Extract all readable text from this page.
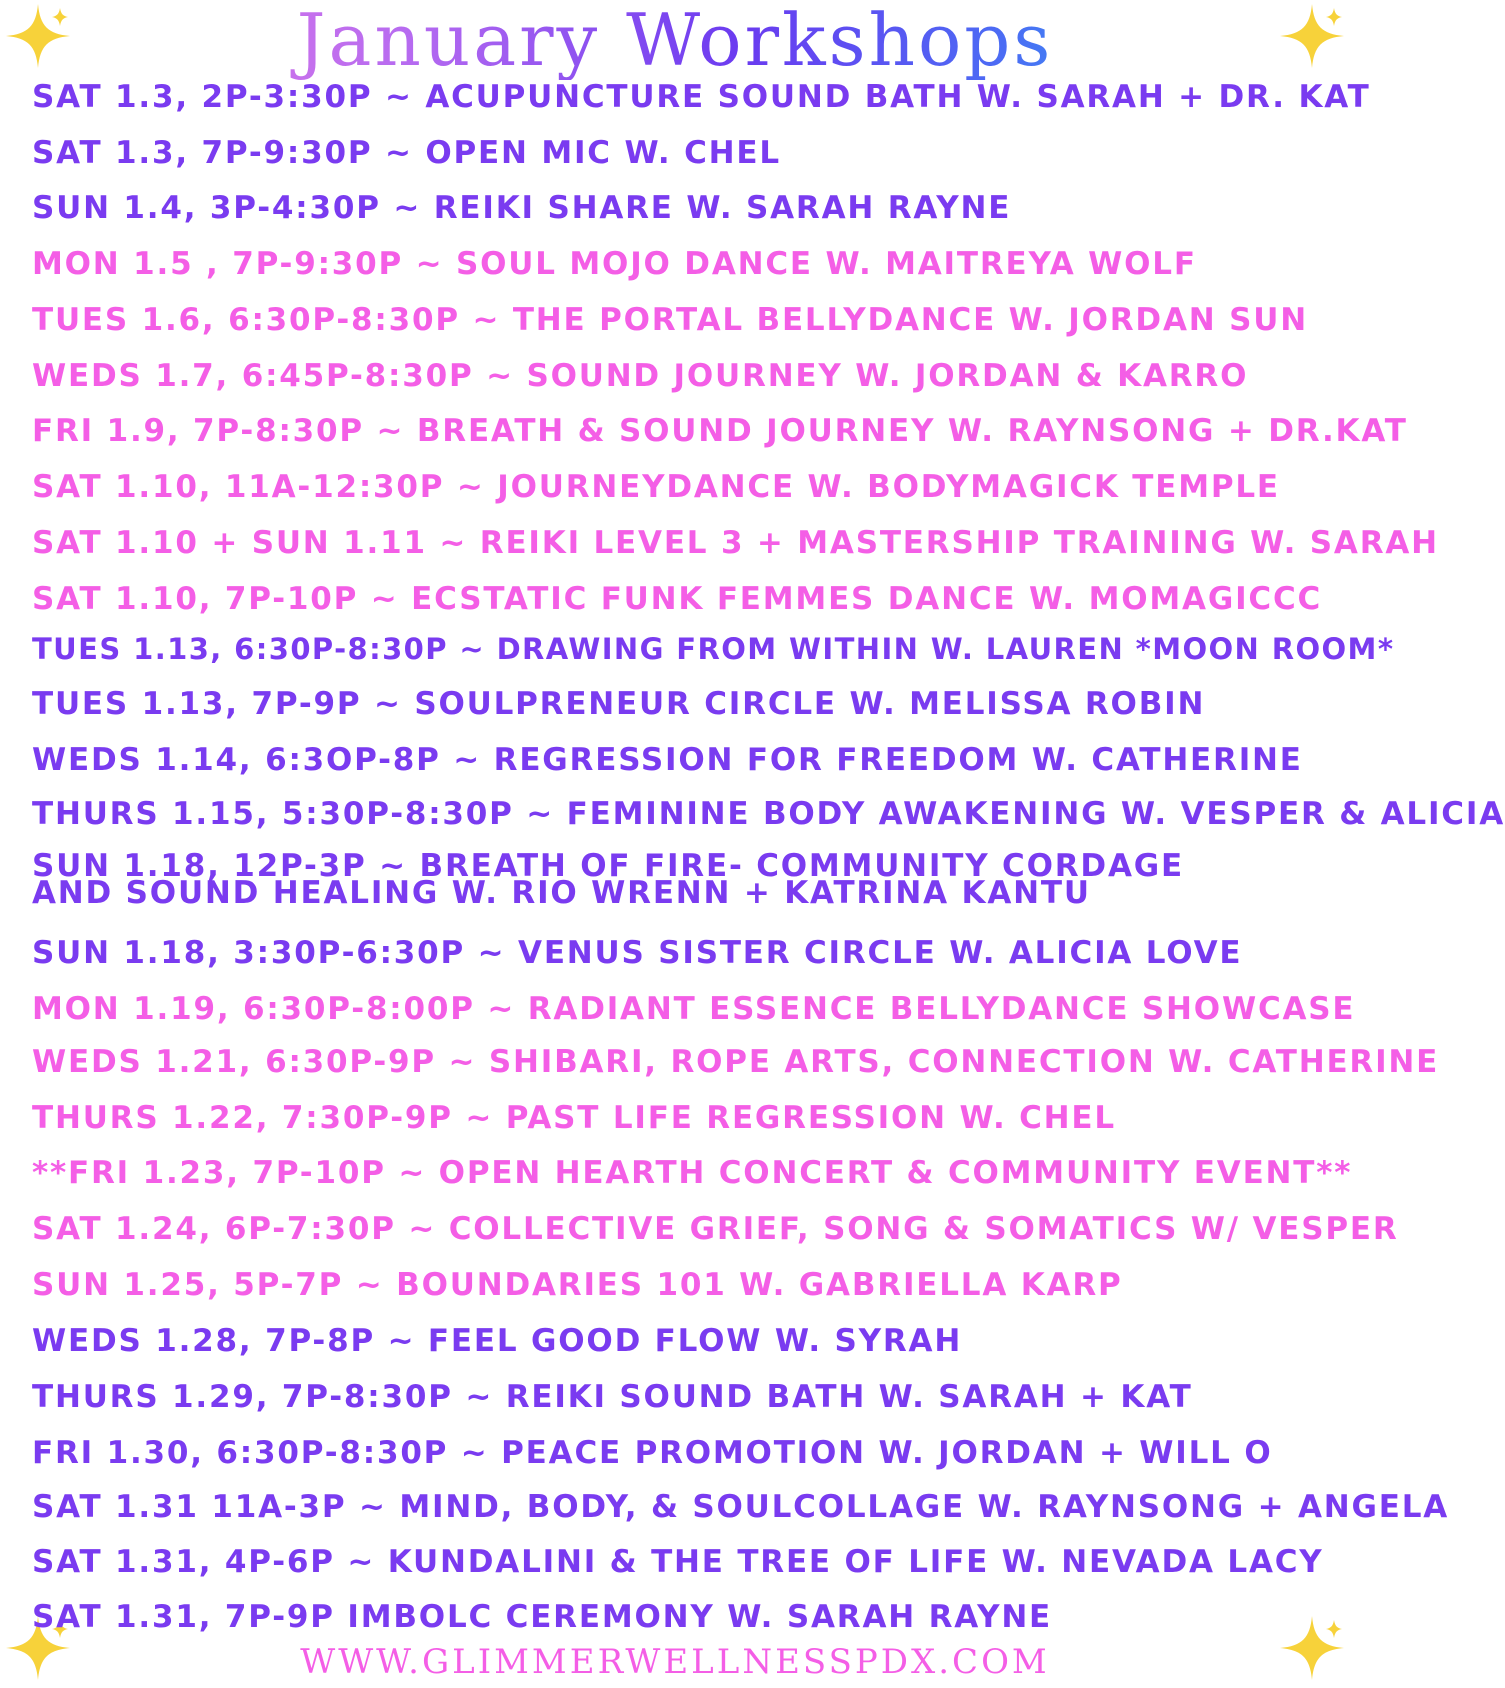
January Workshops
SAT 1.3, 2P-3:30P ~ ACUPUNCTURE SOUND BATH W. SARAH + DR. KAT
SAT 1.3, 7P-9:30P ~ OPEN MIC W. CHEL
SUN 1.4, 3P-4:30P ~ REIKI SHARE W. SARAH RAYNE
MON 1.5 , 7P-9:30P ~ SOUL MOJO DANCE W. MAITREYA WOLF
TUES 1.6, 6:30P-8:30P ~ THE PORTAL BELLYDANCE W. JORDAN SUN
WEDS 1.7, 6:45P-8:30P ~ SOUND JOURNEY W. JORDAN & KARRO
FRI 1.9, 7P-8:30P ~ BREATH & SOUND JOURNEY W. RAYNSONG + DR.KAT
SAT 1.10, 11A-12:30P ~ JOURNEYDANCE W. BODYMAGICK TEMPLE
SAT 1.10 + SUN 1.11 ~ REIKI LEVEL 3 + MASTERSHIP TRAINING W. SARAH
SAT 1.10, 7P-10P ~ ECSTATIC FUNK FEMMES DANCE W. MOMAGICCC
TUES 1.13, 6:30P-8:30P ~ DRAWING FROM WITHIN W. LAUREN *MOON ROOM*
TUES 1.13, 7P-9P ~ SOULPRENEUR CIRCLE W. MELISSA ROBIN
WEDS 1.14, 6:3OP-8P ~ REGRESSION FOR FREEDOM W. CATHERINE
THURS 1.15, 5:30P-8:30P ~ FEMININE BODY AWAKENING W. VESPER & ALICIA
SUN 1.18, 12P-3P ~ BREATH OF FIRE- COMMUNITY CORDAGE AND SOUND HEALING W. RIO WRENN + KATRINA KANTU
SUN 1.18, 3:30P-6:30P ~ VENUS SISTER CIRCLE W. ALICIA LOVE
MON 1.19, 6:30P-8:00P ~ RADIANT ESSENCE BELLYDANCE SHOWCASE
WEDS 1.21, 6:30P-9P ~ SHIBARI, ROPE ARTS, CONNECTION W. CATHERINE
THURS 1.22, 7:30P-9P ~ PAST LIFE REGRESSION W. CHEL
**FRI 1.23, 7P-10P ~ OPEN HEARTH CONCERT & COMMUNITY EVENT**
SAT 1.24, 6P-7:30P ~ COLLECTIVE GRIEF, SONG & SOMATICS W/ VESPER
SUN 1.25, 5P-7P ~ BOUNDARIES 101 W. GABRIELLA KARP
WEDS 1.28, 7P-8P ~ FEEL GOOD FLOW W. SYRAH
THURS 1.29, 7P-8:30P ~ REIKI SOUND BATH W. SARAH + KAT
FRI 1.30, 6:30P-8:30P ~ PEACE PROMOTION W. JORDAN + WILL O
SAT 1.31 11A-3P ~ MIND, BODY, & SOULCOLLAGE W. RAYNSONG + ANGELA
SAT 1.31, 4P-6P ~ KUNDALINI & THE TREE OF LIFE W. NEVADA LACY
SAT 1.31, 7P-9P IMBOLC CEREMONY W. SARAH RAYNE
WWW.GLIMMERWELLNESSPDX.COM
